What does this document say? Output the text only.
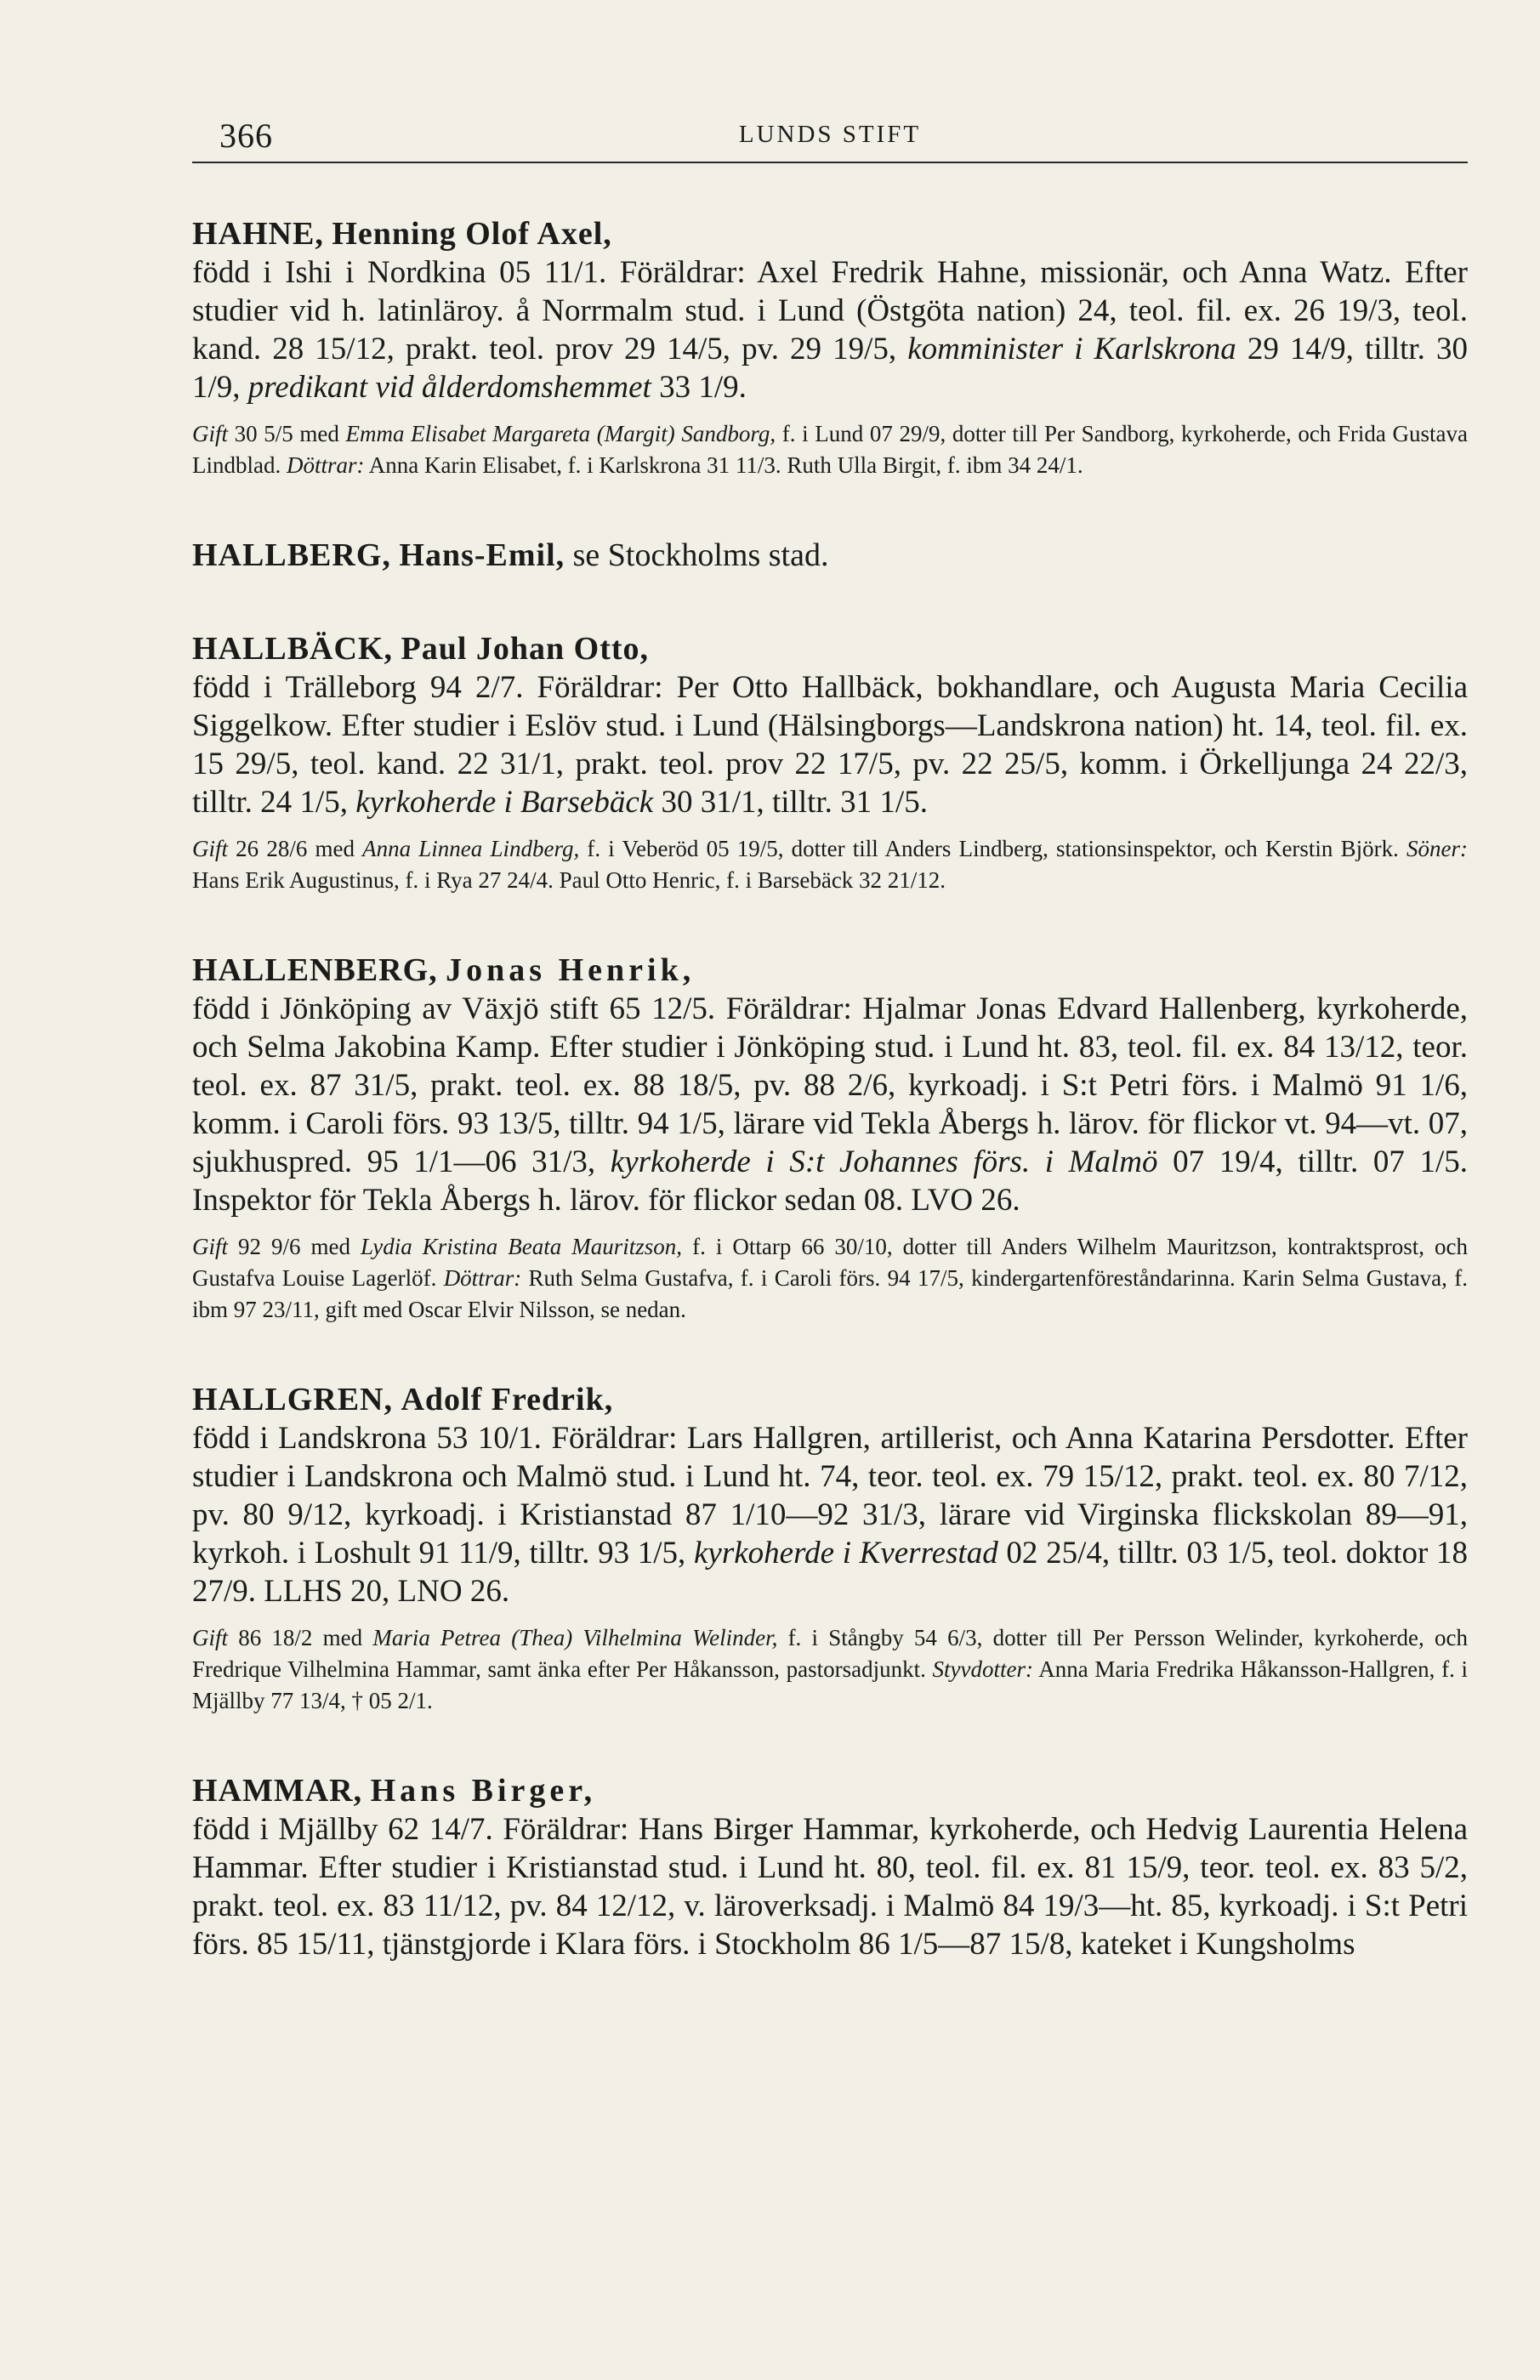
366	LUNDS STIFT

HAHNE, Henning Olof Axel,

född i Ishi i Nordkina 05 11/1. Föräldrar: Axel Fredrik Hahne, missionär, och Anna Watz. Efter studier vid h. latinläroy. å Norrmalm stud. i Lund (Östgöta nation) 24, teol. fil. ex. 26 19/3, teol. kand. 28 15/12, prakt. teol. prov 29 14/5, pv. 29 19/5, komminister i Karlskrona 29 14/9, tilltr. 30 1/9, predikant vid ålderdomshemmet 33 1/9.

Gift 30 5/5 med Emma Elisabet Margareta (Margit) Sandborg, f. i Lund 07 29/9, dotter till Per Sandborg, kyrkoherde, och Frida Gustava Lindblad. Döttrar: Anna Karin Elisabet, f. i Karlskrona 31 11/3. Ruth Ulla Birgit, f. ibm 34 24/1.

HALLBERG, Hans-Emil, se Stockholms stad.

HALLBÄCK, Paul Johan Otto,

född i Trälleborg 94 2/7. Föräldrar: Per Otto Hallbäck, bokhandlare, och Augusta Maria Cecilia Siggelkow. Efter studier i Eslöv stud. i Lund (Hälsingborgs—Landskrona nation) ht. 14, teol. fil. ex. 15 29/5, teol. kand. 22 31/1, prakt. teol. prov 22 17/5, pv. 22 25/5, komm. i Örkelljunga 24 22/3, tilltr. 24 1/5, kyrkoherde i Barsebäck 30 31/1, tilltr. 31 1/5.

Gift 26 28/6 med Anna Linnea Lindberg, f. i Veberöd 05 19/5, dotter till Anders Lindberg, stationsinspektor, och Kerstin Björk. Söner: Hans Erik Augustinus, f. i Rya 27 24/4. Paul Otto Henric, f. i Barsebäck 32 21/12.

HALLENBERG, Jonas Henrik,

född i Jönköping av Växjö stift 65 12/5. Föräldrar: Hjalmar Jonas Edvard Hallenberg, kyrkoherde, och Selma Jakobina Kamp. Efter studier i Jönköping stud. i Lund ht. 83, teol. fil. ex. 84 13/12, teor. teol. ex. 87 31/5, prakt. teol. ex. 88 18/5, pv. 88 2/6, kyrkoadj. i S:t Petri förs. i Malmö 91 1/6, komm. i Caroli förs. 93 13/5, tilltr. 94 1/5, lärare vid Tekla Åbergs h. lärov. för flickor vt. 94—vt. 07, sjukhuspred. 95 1/1—06 31/3, kyrkoherde i S:t Johannes förs. i Malmö 07 19/4, tilltr. 07 1/5. Inspektor för Tekla Åbergs h. lärov. för flickor sedan 08. LVO 26.

Gift 92 9/6 med Lydia Kristina Beata Mauritzson, f. i Ottarp 66 30/10, dotter till Anders Wilhelm Mauritzson, kontraktsprost, och Gustafva Louise Lagerlöf. Döttrar: Ruth Selma Gustafva, f. i Caroli förs. 94 17/5, kindergartenföreståndarinna. Karin Selma Gustava, f. ibm 97 23/11, gift med Oscar Elvir Nilsson, se nedan.

HALLGREN, Adolf Fredrik,

född i Landskrona 53 10/1. Föräldrar: Lars Hallgren, artillerist, och Anna Katarina Persdotter. Efter studier i Landskrona och Malmö stud. i Lund ht. 74, teor. teol. ex. 79 15/12, prakt. teol. ex. 80 7/12, pv. 80 9/12, kyrkoadj. i Kristianstad 87 1/10—92 31/3, lärare vid Virginska flickskolan 89—91, kyrkoh. i Loshult 91 11/9, tilltr. 93 1/5, kyrkoherde i Kverrestad 02 25/4, tilltr. 03 1/5, teol. doktor 18 27/9. LLHS 20, LNO 26.

Gift 86 18/2 med Maria Petrea (Thea) Vilhelmina Welinder, f. i Stångby 54 6/3, dotter till Per Persson Welinder, kyrkoherde, och Fredrique Vilhelmina Hammar, samt änka efter Per Håkansson, pastorsadjunkt. Styvdotter: Anna Maria Fredrika Håkansson-Hallgren, f. i Mjällby 77 13/4, † 05 2/1.

HAMMAR, Hans Birger,

född i Mjällby 62 14/7. Föräldrar: Hans Birger Hammar, kyrkoherde, och Hedvig Laurentia Helena Hammar. Efter studier i Kristianstad stud. i Lund ht. 80, teol. fil. ex. 81 15/9, teor. teol. ex. 83 5/2, prakt. teol. ex. 83 11/12, pv. 84 12/12, v. läroverksadj. i Malmö 84 19/3—ht. 85, kyrkoadj. i S:t Petri förs. 85 15/11, tjänstgjorde i Klara förs. i Stockholm 86 1/5—87 15/8, kateket i Kungsholms
